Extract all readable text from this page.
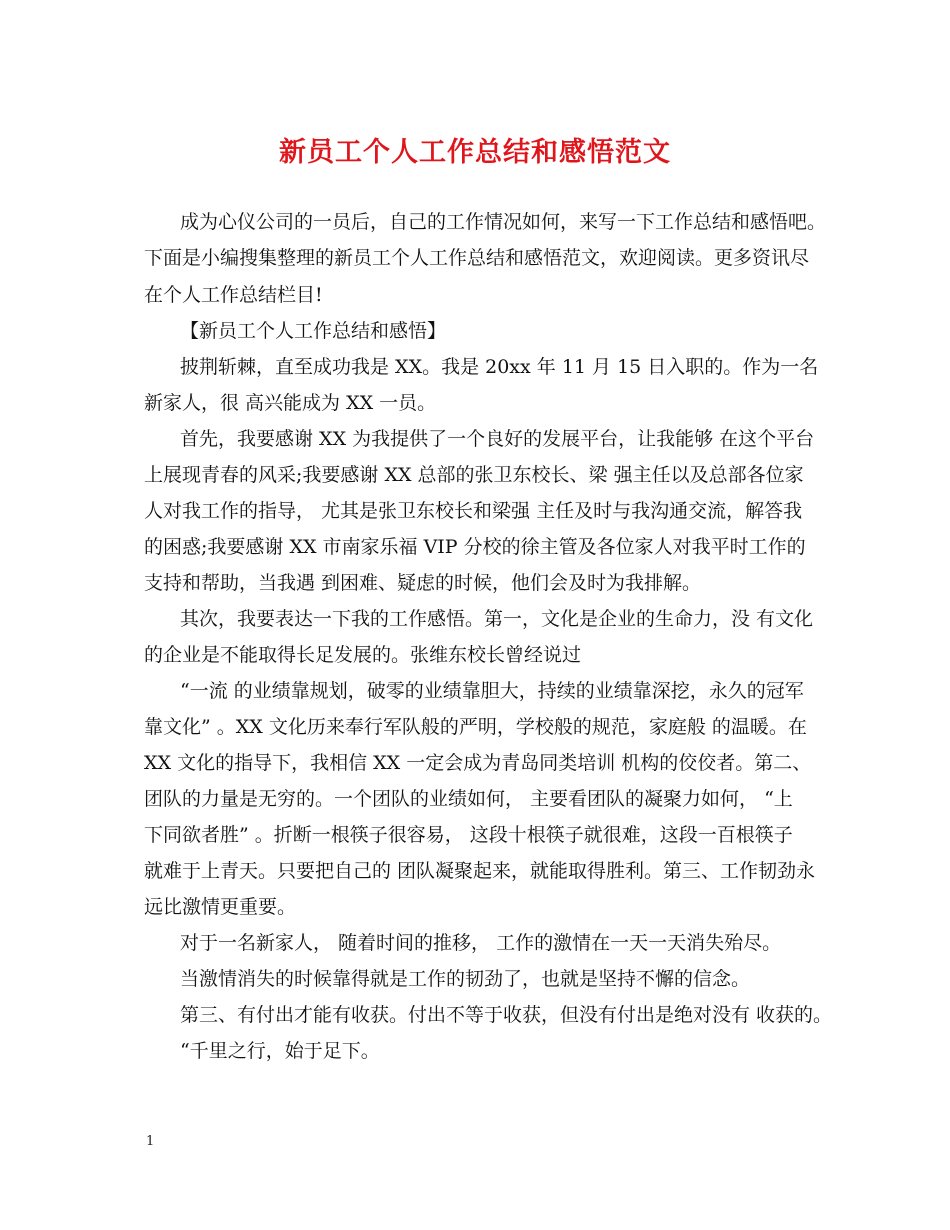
新员工个人工作总结和感悟范文
成为心仪公司的一员后，自己的工作情况如何，来写一下工作总结和感悟吧。
下面是小编搜集整理的新员工个人工作总结和感悟范文，欢迎阅读。更多资讯尽
在个人工作总结栏目!
【新员工个人工作总结和感悟】
披荆斩棘，直至成功我是 XX。我是 20xx 年 11 月 15 日入职的。作为一名
新家人，很 高兴能成为 XX 一员。
首先，我要感谢 XX 为我提供了一个良好的发展平台，让我能够 在这个平台
上展现青春的风采;我要感谢 XX 总部的张卫东校长、梁 强主任以及总部各位家
人对我工作的指导， 尤其是张卫东校长和梁强 主任及时与我沟通交流，解答我
的困惑;我要感谢 XX 市南家乐福 VIP 分校的徐主管及各位家人对我平时工作的
支持和帮助，当我遇 到困难、疑虑的时候，他们会及时为我排解。
其次，我要表达一下我的工作感悟。第一，文化是企业的生命力，没 有文化
的企业是不能取得长足发展的。张维东校长曾经说过
“一流 的业绩靠规划，破零的业绩靠胆大，持续的业绩靠深挖，永久的冠军
靠文化” 。XX 文化历来奉行军队般的严明，学校般的规范，家庭般 的温暖。在
XX 文化的指导下，我相信 XX 一定会成为青岛同类培训 机构的佼佼者。第二、
团队的力量是无穷的。一个团队的业绩如何， 主要看团队的凝聚力如何， “上
下同欲者胜” 。折断一根筷子很容易， 这段十根筷子就很难，这段一百根筷子
就难于上青天。只要把自己的 团队凝聚起来，就能取得胜利。第三、工作韧劲永
远比激情更重要。
对于一名新家人， 随着时间的推移， 工作的激情在一天一天消失殆尽。
当激情消失的时候靠得就是工作的韧劲了，也就是坚持不懈的信念。
第三、有付出才能有收获。付出不等于收获，但没有付出是绝对没有 收获的。
“千里之行，始于足下。
1
